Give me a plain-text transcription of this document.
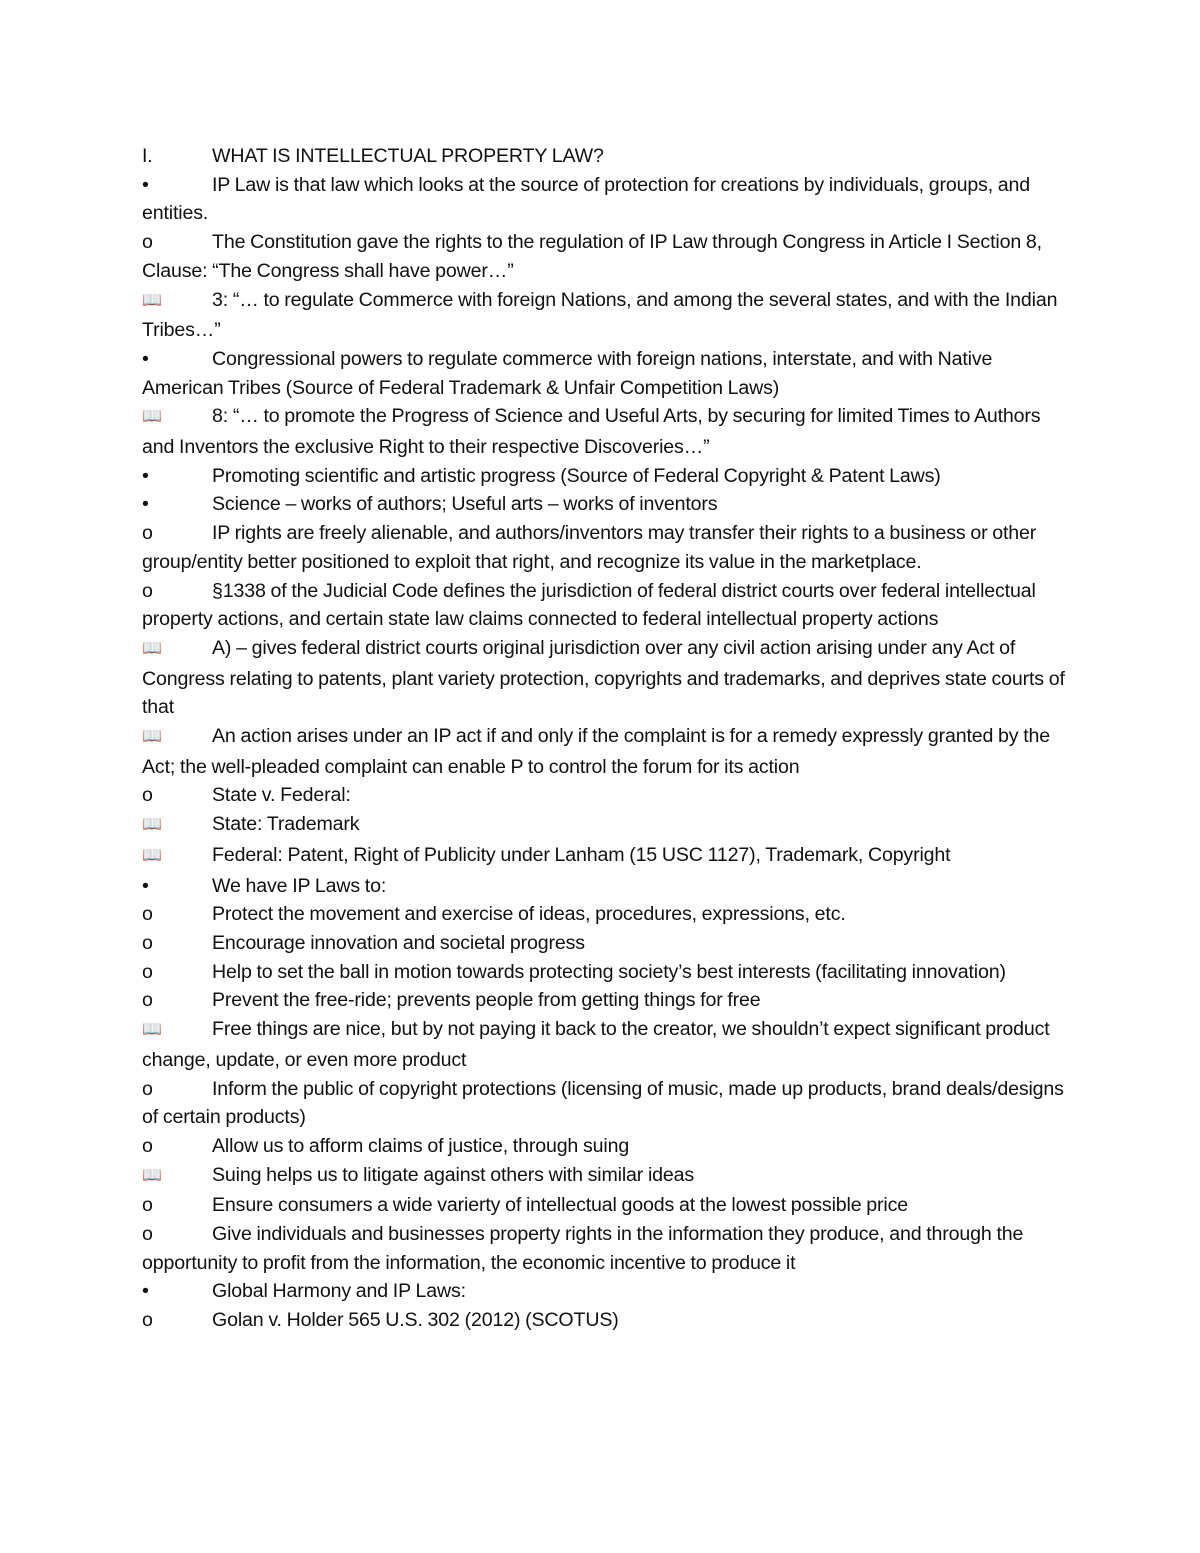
I.	WHAT IS INTELLECTUAL PROPERTY LAW?

•	IP Law is that law which looks at the source of protection for creations by individuals, groups, and entities.

o	The Constitution gave the rights to the regulation of IP Law through Congress in Article I Section 8, Clause: “The Congress shall have power…”

📖	3: “… to regulate Commerce with foreign Nations, and among the several states, and with the Indian Tribes…”

•	Congressional powers to regulate commerce with foreign nations, interstate, and with Native American Tribes (Source of Federal Trademark & Unfair Competition Laws)

📖	8: “… to promote the Progress of Science and Useful Arts, by securing for limited Times to Authors and Inventors the exclusive Right to their respective Discoveries…”

•	Promoting scientific and artistic progress (Source of Federal Copyright & Patent Laws)

•	Science – works of authors; Useful arts – works of inventors

o	IP rights are freely alienable, and authors/inventors may transfer their rights to a business or other group/entity better positioned to exploit that right, and recognize its value in the marketplace.

o	§1338 of the Judicial Code defines the jurisdiction of federal district courts over federal intellectual property actions, and certain state law claims connected to federal intellectual property actions

📖	A) – gives federal district courts original jurisdiction over any civil action arising under any Act of Congress relating to patents, plant variety protection, copyrights and trademarks, and deprives state courts of that

📖	An action arises under an IP act if and only if the complaint is for a remedy expressly granted by the Act; the well-pleaded complaint can enable P to control the forum for its action

o	State v. Federal:

📖	State: Trademark

📖	Federal: Patent, Right of Publicity under Lanham (15 USC 1127), Trademark, Copyright

•	We have IP Laws to:

o	Protect the movement and exercise of ideas, procedures, expressions, etc.

o	Encourage innovation and societal progress

o	Help to set the ball in motion towards protecting society’s best interests (facilitating innovation)

o	Prevent the free-ride; prevents people from getting things for free

📖	Free things are nice, but by not paying it back to the creator, we shouldn’t expect significant product change, update, or even more product

o	Inform the public of copyright protections (licensing of music, made up products, brand deals/designs of certain products)

o	Allow us to afform claims of justice, through suing

📖	Suing helps us to litigate against others with similar ideas

o	Ensure consumers a wide varierty of intellectual goods at the lowest possible price

o	Give individuals and businesses property rights in the information they produce, and through the opportunity to profit from the information, the economic incentive to produce it

•	Global Harmony and IP Laws:

o	Golan v. Holder 565 U.S. 302 (2012) (SCOTUS)
